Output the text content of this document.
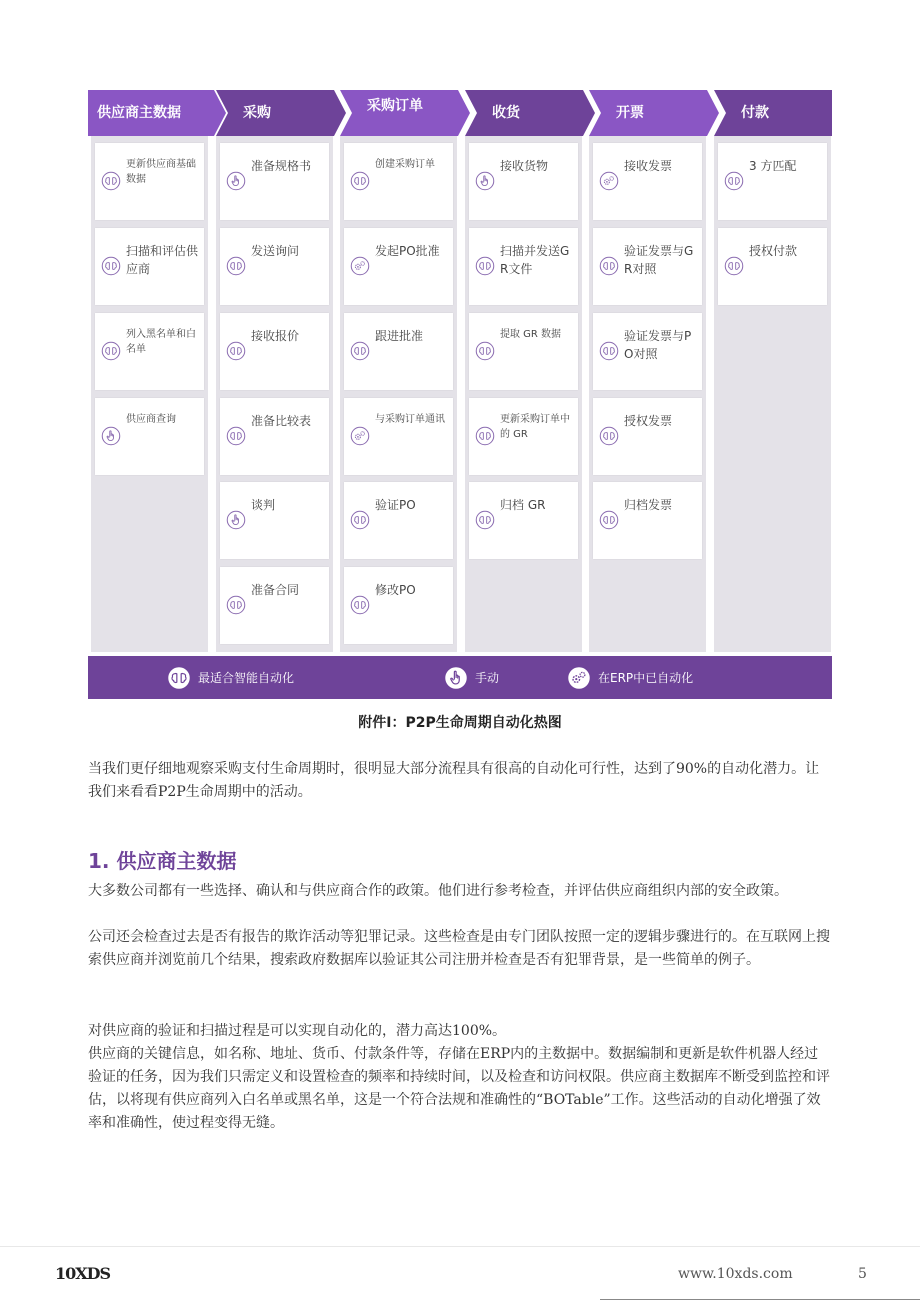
供应商主数据
更新供应商基础数据
扫描和评估供应商
列入黑名单和白名单
供应商查询
采购
准备规格书
发送询问
接收报价
准备比较表
谈判
准备合同
采购订单
创建采购订单
发起PO批准
跟进批准
与采购订单通讯
验证PO
修改PO
收货
接收货物
扫描并发送GR文件
提取 GR 数据
更新采购订单中的 GR
归档 GR
开票
接收发票
验证发票与GR对照
验证发票与PO对照
授权发票
归档发票
付款
3 方匹配
授权付款
最适合智能自动化	手动	在ERP中已自动化
附件I：P2P生命周期自动化热图
当我们更仔细地观察采购支付生命周期时，很明显大部分流程具有很高的自动化可行性，达到了90%的自动化潜力。让我们来看看P2P生命周期中的活动。
1. 供应商主数据
大多数公司都有一些选择、确认和与供应商合作的政策。他们进行参考检查，并评估供应商组织内部的安全政策。
公司还会检查过去是否有报告的欺诈活动等犯罪记录。这些检查是由专门团队按照一定的逻辑步骤进行的。在互联网上搜索供应商并浏览前几个结果，搜索政府数据库以验证其公司注册并检查是否有犯罪背景，是一些简单的例子。
对供应商的验证和扫描过程是可以实现自动化的，潜力高达100%。
供应商的关键信息，如名称、地址、货币、付款条件等，存储在ERP内的主数据中。数据编制和更新是软件机器人经过验证的任务，因为我们只需定义和设置检查的频率和持续时间，以及检查和访问权限。供应商主数据库不断受到监控和评估，以将现有供应商列入白名单或黑名单，这是一个符合法规和准确性的“BOTable”工作。这些活动的自动化增强了效率和准确性，使过程变得无缝。
10XDS	www.10xds.com	5
